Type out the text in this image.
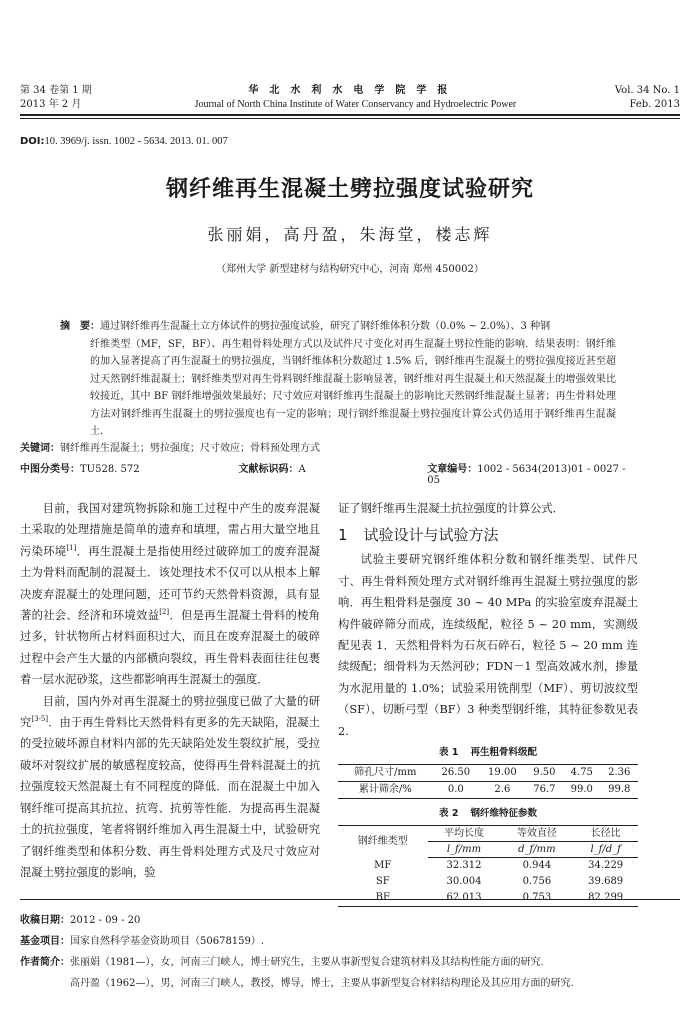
第 34 卷第 1 期	华北水利水电学院学报	Vol. 34 No. 1
2013 年 2 月	Journal of North China Institute of Water Conservancy and Hydroelectric Power	Feb. 2013
DOI:10. 3969/j. issn. 1002 - 5634. 2013. 01. 007
钢纤维再生混凝土劈拉强度试验研究
张丽娟，高丹盈，朱海堂，楼志辉
（郑州大学 新型建材与结构研究中心，河南 郑州 450002）
摘　要：通过钢纤维再生混凝土立方体试件的劈拉强度试验，研究了钢纤维体积分数（0.0% ~ 2.0%）、3 种钢
纤维类型（MF，SF，BF）、再生粗骨料处理方式以及试件尺寸变化对再生混凝土劈拉性能的影响．结果表明：钢纤维的加入显著提高了再生混凝土的劈拉强度，当钢纤维体积分数超过 1.5% 后，钢纤维再生混凝土的劈拉强度接近甚至超过天然钢纤维混凝土；钢纤维类型对再生骨料钢纤维混凝土影响显著，钢纤维对再生混凝土和天然混凝土的增强效果比较接近，其中 BF 钢纤维增强效果最好；尺寸效应对钢纤维再生混凝土的影响比天然钢纤维混凝土显著；再生骨料处理方法对钢纤维再生混凝土的劈拉强度也有一定的影响；现行钢纤维混凝土劈拉强度计算公式仍适用于钢纤维再生混凝土．
关键词：钢纤维再生混凝土；劈拉强度；尺寸效应；骨料预处理方式
中图分类号：TU528. 572	文献标识码：A	文章编号：1002 - 5634(2013)01 - 0027 - 05

目前，我国对建筑物拆除和施工过程中产生的废弃混凝土采取的处理措施是简单的遗弃和填埋，需占用大量空地且污染环境[1]．再生混凝土是指使用经过破碎加工的废弃混凝土为骨料而配制的混凝土．该处理技术不仅可以从根本上解决废弃混凝土的处理问题，还可节约天然骨料资源，具有显著的社会、经济和环境效益[2]．但是再生混凝土骨料的棱角过多，针状物所占材料面积过大，而且在废弃混凝土的破碎过程中会产生大量的内部横向裂纹，再生骨料表面往往包裹着一层水泥砂浆，这些都影响再生混凝土的强度．

目前，国内外对再生混凝土的劈拉强度已做了大量的研究[3-5]．由于再生骨料比天然骨料有更多的先天缺陷，混凝土的受拉破坏源自材料内部的先天缺陷处发生裂纹扩展，受拉破坏对裂纹扩展的敏感程度较高，使得再生骨料混凝土的抗拉强度较天然混凝土有不同程度的降低．而在混凝土中加入钢纤维可提高其抗拉、抗弯、抗剪等性能．为提高再生混凝土的抗拉强度，笔者将钢纤维加入再生混凝土中，试验研究了钢纤维类型和体积分数、再生骨料处理方式及尺寸效应对混凝土劈拉强度的影响，验

证了钢纤维再生混凝土抗拉强度的计算公式．

1 试验设计与试验方法

试验主要研究钢纤维体积分数和钢纤维类型、试件尺寸、再生骨料预处理方式对钢纤维再生混凝土劈拉强度的影响．再生粗骨料是强度 30 ~ 40 MPa 的实验室废弃混凝土构件破碎筛分而成，连续级配，粒径 5 ~ 20 mm，实测级配见表 1．天然粗骨料为石灰石碎石，粒径 5 ~ 20 mm 连续级配；细骨料为天然河砂；FDN－1 型高效减水剂，掺量为水泥用量的 1.0%；试验采用铣削型（MF）、剪切波纹型（SF）、切断弓型（BF）3 种类型钢纤维，其特征参数见表 2.

表 1 再生粗骨料级配
筛孔尺寸/mm	26.50	19.00	9.50	4.75	2.36
累计筛余/%	0.0	2.6	76.7	99.0	99.8
表 2 钢纤维特征参数
钢纤维类型	平均长度	等效直径	长径比
	l_f/mm	d_f/mm	l_f/d_f
MF	32.312	0.944	34.229
SF	30.004	0.756	39.689
BF	62.013	0.753	82.299
收稿日期：2012 - 09 - 20
基金项目：国家自然科学基金资助项目（50678159）.
作者简介：张丽娟（1981—），女，河南三门峡人，博士研究生，主要从事新型复合建筑材料及其结构性能方面的研究.
高丹盈（1962—），男，河南三门峡人，教授，博导，博士，主要从事新型复合材料结构理论及其应用方面的研究.
